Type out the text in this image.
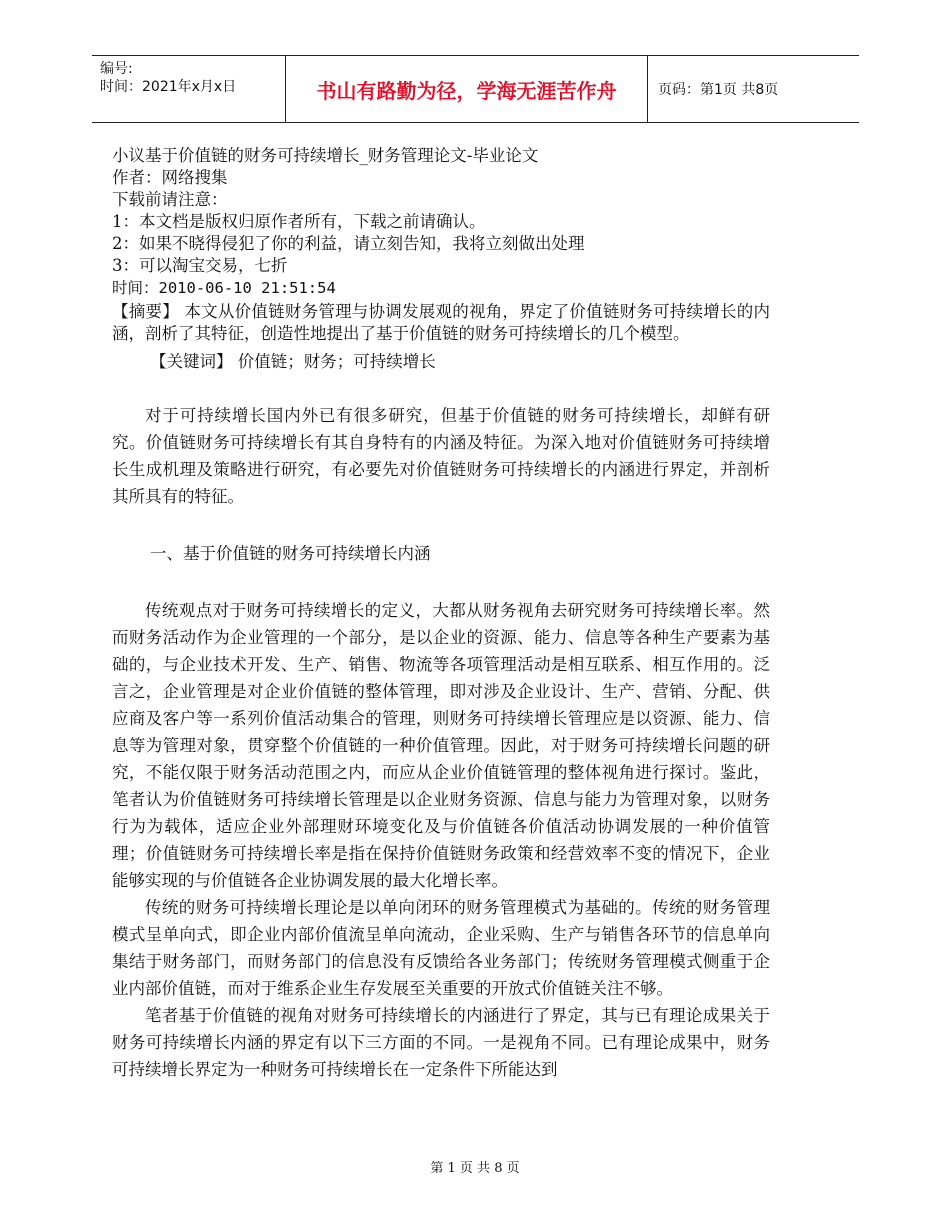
编号:
时间：2021年x月x日	书山有路勤为径，学海无涯苦作舟	页码：第1页 共8页
小议基于价值链的财务可持续增长_财务管理论文-毕业论文
作者：网络搜集
下载前请注意：
1：本文档是版权归原作者所有，下载之前请确认。
2：如果不晓得侵犯了你的利益，请立刻告知，我将立刻做出处理
3：可以淘宝交易，七折
时间：2010-06-10 21:51:54
【摘要】 本文从价值链财务管理与协调发展观的视角，界定了价值链财务可持续增长的内涵，剖析了其特征，创造性地提出了基于价值链的财务可持续增长的几个模型。
【关键词】 价值链；财务；可持续增长

对于可持续增长国内外已有很多研究，但基于价值链的财务可持续增长，却鲜有研究。价值链财务可持续增长有其自身特有的内涵及特征。为深入地对价值链财务可持续增长生成机理及策略进行研究，有必要先对价值链财务可持续增长的内涵进行界定，并剖析其所具有的特征。

一、基于价值链的财务可持续增长内涵

传统观点对于财务可持续增长的定义，大都从财务视角去研究财务可持续增长率。然而财务活动作为企业管理的一个部分，是以企业的资源、能力、信息等各种生产要素为基础的，与企业技术开发、生产、销售、物流等各项管理活动是相互联系、相互作用的。泛言之，企业管理是对企业价值链的整体管理，即对涉及企业设计、生产、营销、分配、供应商及客户等一系列价值活动集合的管理，则财务可持续增长管理应是以资源、能力、信息等为管理对象，贯穿整个价值链的一种价值管理。因此，对于财务可持续增长问题的研究，不能仅限于财务活动范围之内，而应从企业价值链管理的整体视角进行探讨。鉴此，笔者认为价值链财务可持续增长管理是以企业财务资源、信息与能力为管理对象，以财务行为为载体，适应企业外部理财环境变化及与价值链各价值活动协调发展的一种价值管理；价值链财务可持续增长率是指在保持价值链财务政策和经营效率不变的情况下，企业能够实现的与价值链各企业协调发展的最大化增长率。

传统的财务可持续增长理论是以单向闭环的财务管理模式为基础的。传统的财务管理模式呈单向式，即企业内部价值流呈单向流动，企业采购、生产与销售各环节的信息单向集结于财务部门，而财务部门的信息没有反馈给各业务部门；传统财务管理模式侧重于企业内部价值链，而对于维系企业生存发展至关重要的开放式价值链关注不够。

笔者基于价值链的视角对财务可持续增长的内涵进行了界定，其与已有理论成果关于财务可持续增长内涵的界定有以下三方面的不同。一是视角不同。已有理论成果中，财务可持续增长界定为一种财务可持续增长在一定条件下所能达到

第 1 页 共 8 页
